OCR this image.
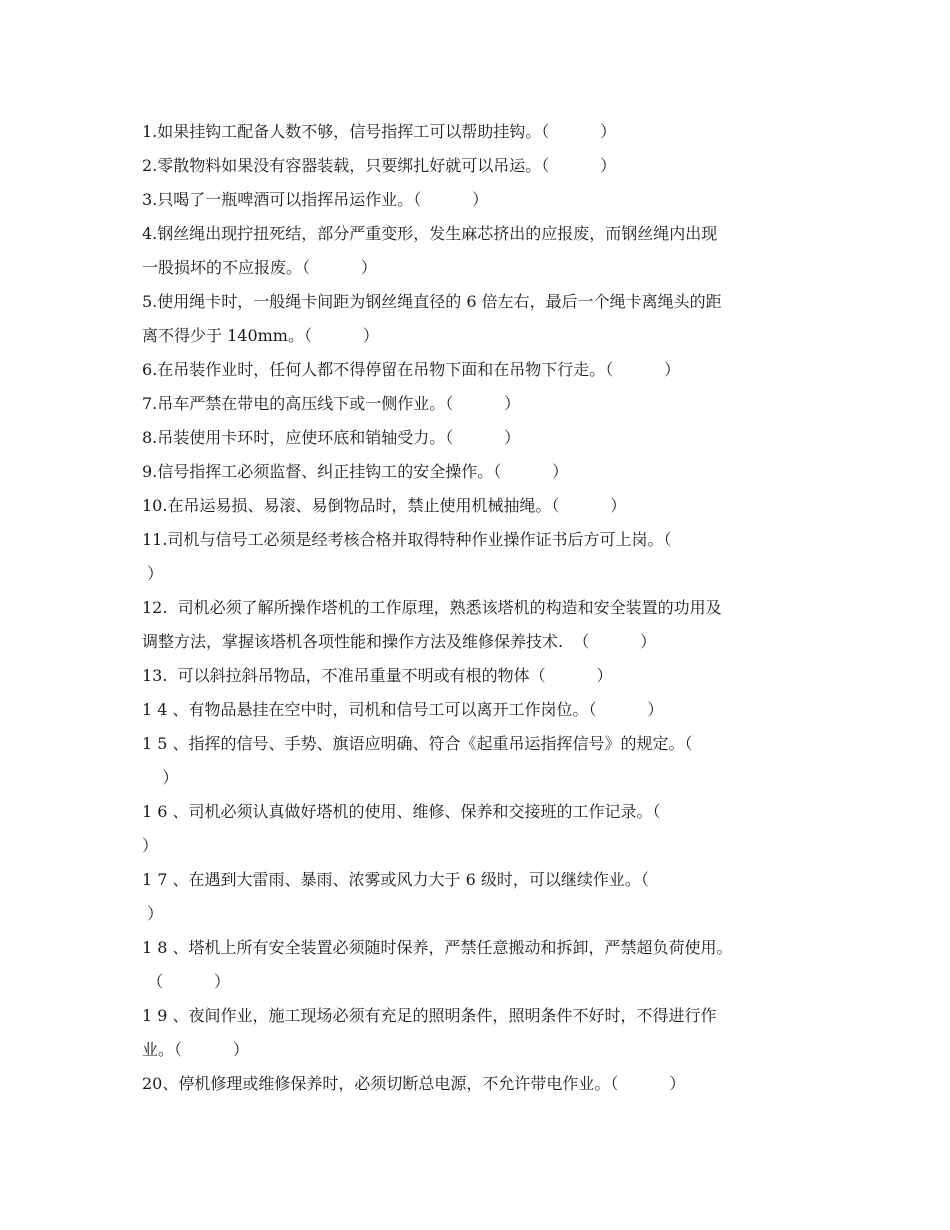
1.如果挂钩工配备人数不够，信号指挥工可以帮助挂钩。（          ）
2.零散物料如果没有容器装载，只要绑扎好就可以吊运。（          ）
3.只喝了一瓶啤酒可以指挥吊运作业。（          ）
4.钢丝绳出现拧扭死结，部分严重变形，发生麻芯挤出的应报废，而钢丝绳内出现
一股损坏的不应报废。（          ）
5.使用绳卡时，一般绳卡间距为钢丝绳直径的 6 倍左右，最后一个绳卡离绳头的距
离不得少于 140mm。（          ）
6.在吊装作业时，任何人都不得停留在吊物下面和在吊物下行走。（          ）
7.吊车严禁在带电的高压线下或一侧作业。（          ）
8.吊装使用卡环时，应使环底和销轴受力。（          ）
9.信号指挥工必须监督、纠正挂钩工的安全操作。（          ）
10.在吊运易损、易滚、易倒物品时，禁止使用机械抽绳。（          ）
11.司机与信号工必须是经考核合格并取得特种作业操作证书后方可上岗。（
）
12.  司机必须了解所操作塔机的工作原理，熟悉该塔机的构造和安全装置的功用及
调整方法，掌握该塔机各项性能和操作方法及维修保养技术.  （          ）
13.  可以斜拉斜吊物品，不准吊重量不明或有根的物体（          ）
1 4 、有物品悬挂在空中时，司机和信号工可以离开工作岗位。（          ）
1 5 、指挥的信号、手势、旗语应明确、符合《起重吊运指挥信号》的规定。（
）
1 6 、司机必须认真做好塔机的使用、维修、保养和交接班的工作记录。（
）
1 7 、在遇到大雷雨、暴雨、浓雾或风力大于 6 级时，可以继续作业。（
）
1 8 、塔机上所有安全装置必须随时保养，严禁任意搬动和拆卸，严禁超负荷使用。
（          ）
1 9 、夜间作业，施工现场必须有充足的照明条件，照明条件不好时，不得进行作
业。（          ）
20、停机修理或维修保养时，必须切断总电源，不允许带电作业。（          ）
